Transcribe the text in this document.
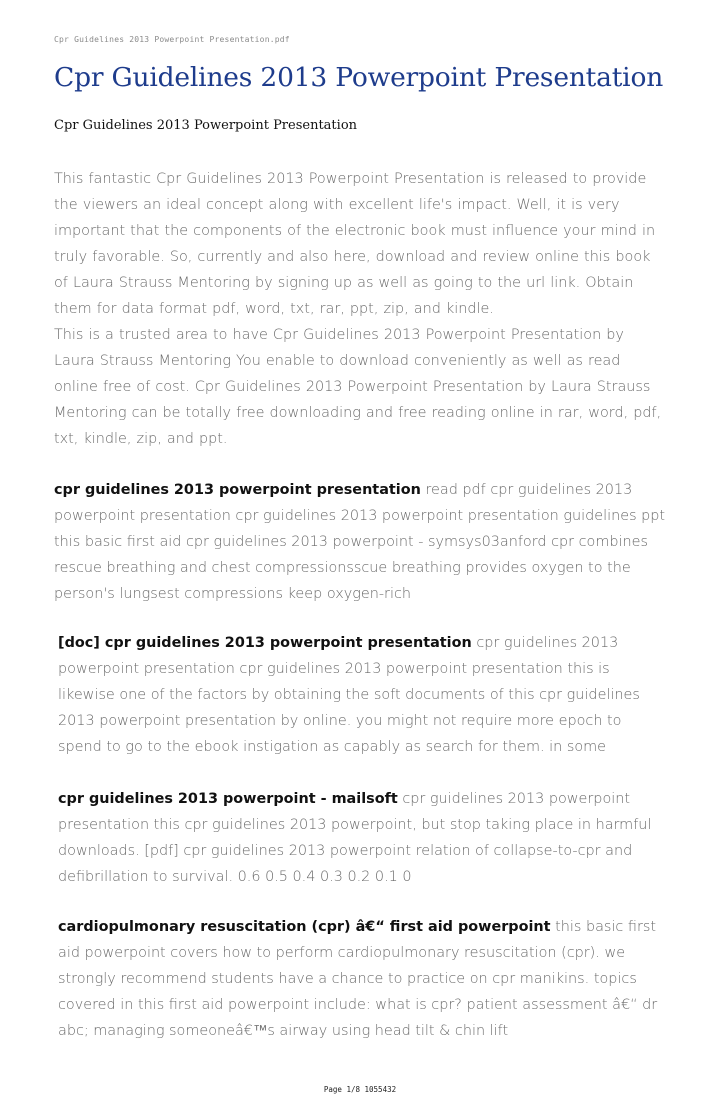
Cpr Guidelines 2013 Powerpoint Presentation.pdf
Cpr Guidelines 2013 Powerpoint Presentation
Cpr Guidelines 2013 Powerpoint Presentation

This fantastic Cpr Guidelines 2013 Powerpoint Presentation is released to provide the viewers an ideal concept along with excellent life's impact. Well, it is very important that the components of the electronic book must influence your mind in truly favorable. So, currently and also here, download and review online this book of Laura Strauss Mentoring by signing up as well as going to the url link. Obtain them for data format pdf, word, txt, rar, ppt, zip, and kindle.

This is a trusted area to have Cpr Guidelines 2013 Powerpoint Presentation by Laura Strauss Mentoring You enable to download conveniently as well as read online free of cost. Cpr Guidelines 2013 Powerpoint Presentation by Laura Strauss Mentoring can be totally free downloading and free reading online in rar, word, pdf, txt, kindle, zip, and ppt.

cpr guidelines 2013 powerpoint presentation read pdf cpr guidelines 2013 powerpoint presentation cpr guidelines 2013 powerpoint presentation guidelines ppt this basic first aid cpr guidelines 2013 powerpoint - symsys03anford cpr combines rescue breathing and chest compressionsscue breathing provides oxygen to the person's lungsest compressions keep oxygen-rich

[doc] cpr guidelines 2013 powerpoint presentation cpr guidelines 2013 powerpoint presentation cpr guidelines 2013 powerpoint presentation this is likewise one of the factors by obtaining the soft documents of this cpr guidelines 2013 powerpoint presentation by online. you might not require more epoch to spend to go to the ebook instigation as capably as search for them. in some

cpr guidelines 2013 powerpoint - mailsoft cpr guidelines 2013 powerpoint presentation this cpr guidelines 2013 powerpoint, but stop taking place in harmful downloads. [pdf] cpr guidelines 2013 powerpoint relation of collapse-to-cpr and defibrillation to survival. 0.6 0.5 0.4 0.3 0.2 0.1 0

cardiopulmonary resuscitation (cpr) â€“ first aid powerpoint this basic first aid powerpoint covers how to perform cardiopulmonary resuscitation (cpr). we strongly recommend students have a chance to practice on cpr manikins. topics covered in this first aid powerpoint include: what is cpr? patient assessment â€“ dr abc; managing someoneâ€™s airway using head tilt & chin lift

Page 1/8 1055432
